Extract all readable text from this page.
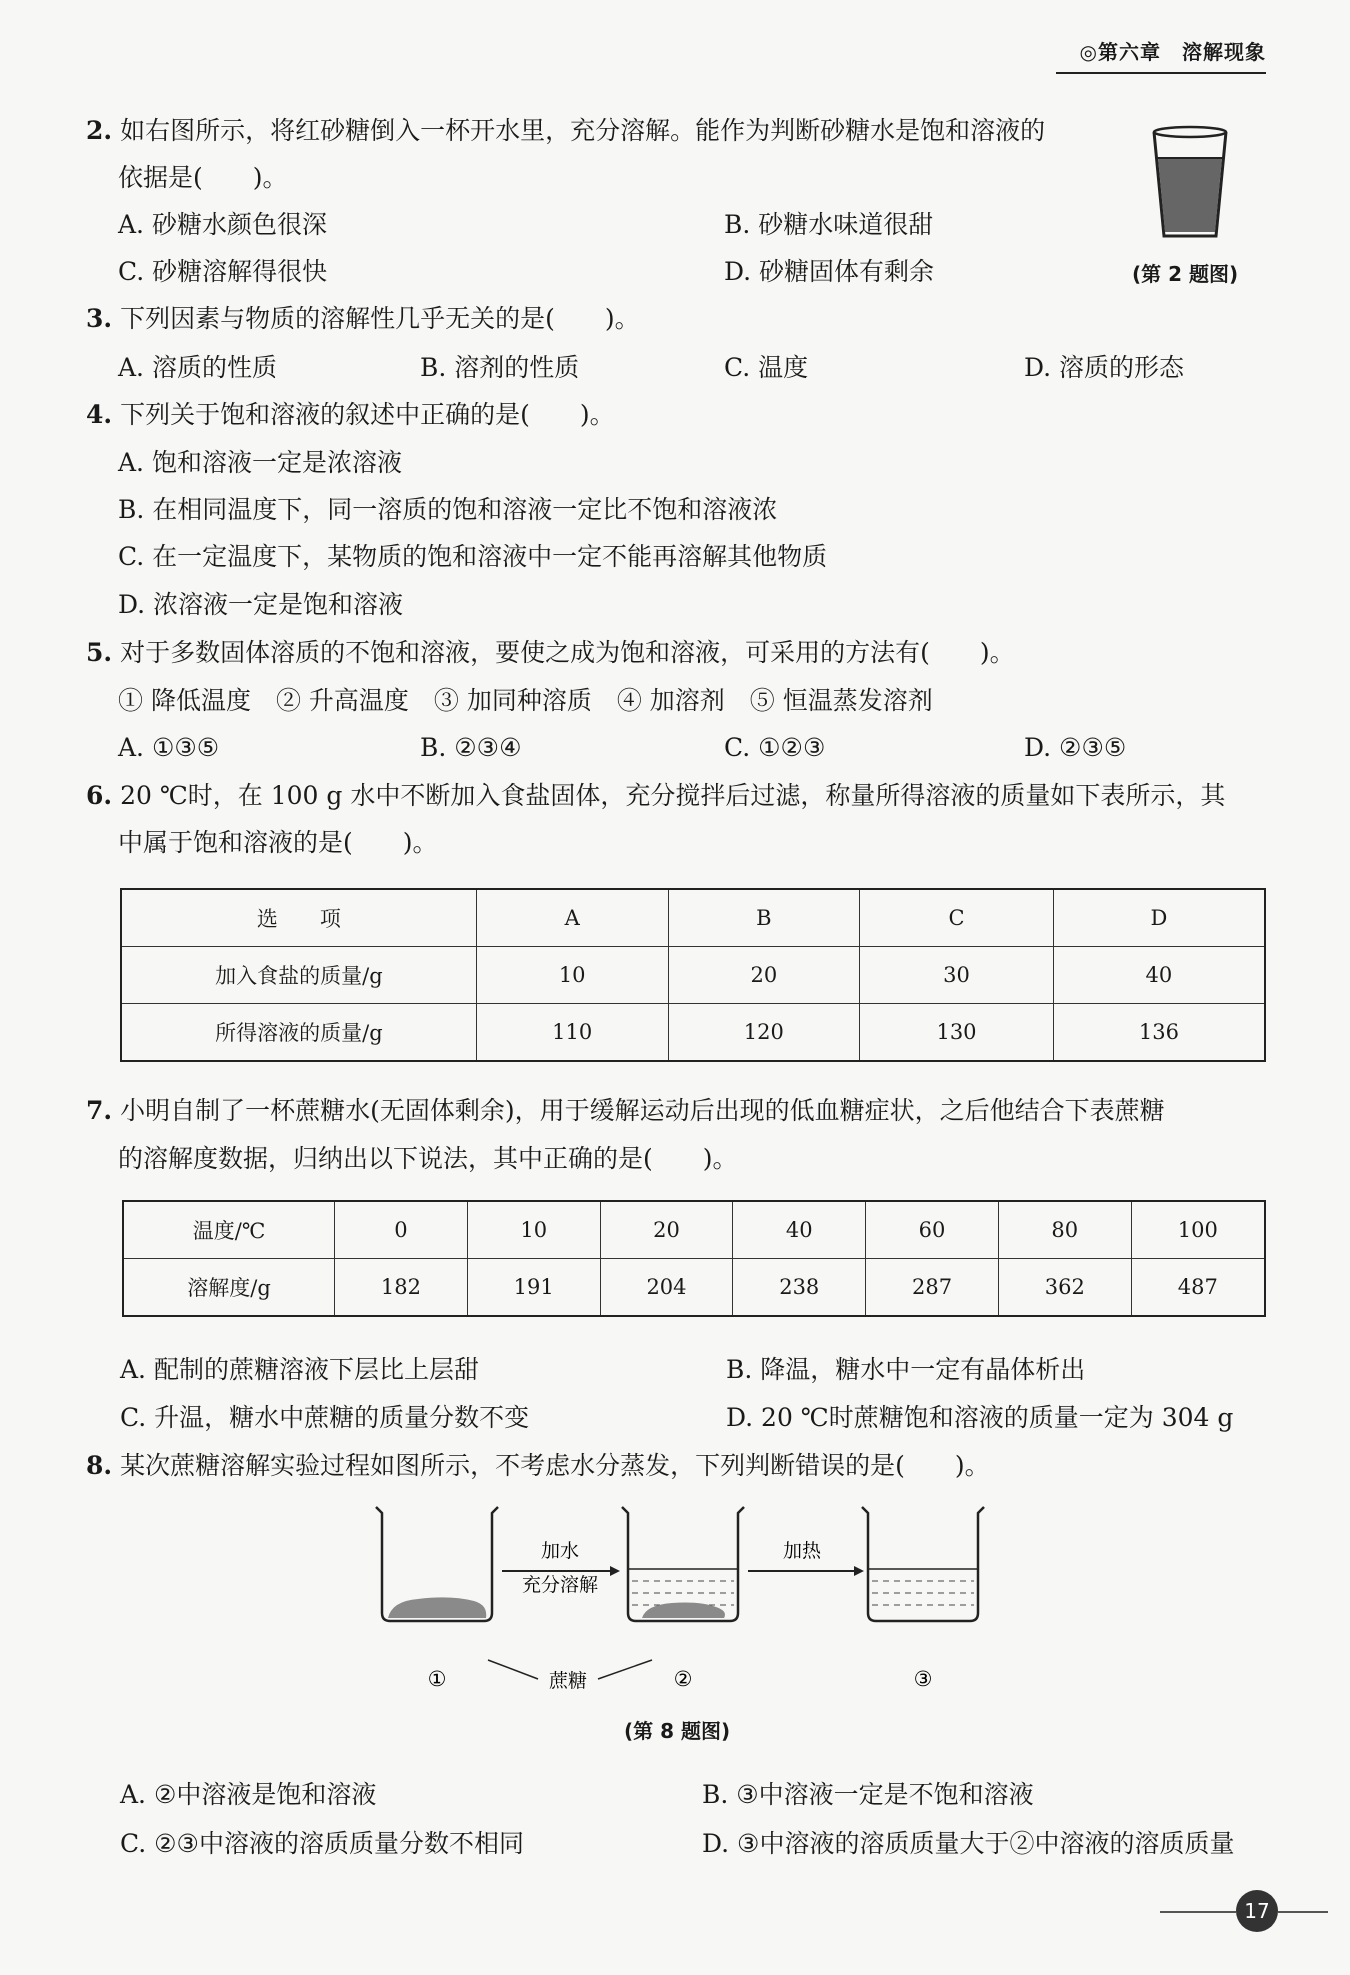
◎第六章　溶解现象
2. 如右图所示，将红砂糖倒入一杯开水里，充分溶解。能作为判断砂糖水是饱和溶液的
依据是(　　)。
A. 砂糖水颜色很深	B. 砂糖水味道很甜
C. 砂糖溶解得很快	D. 砂糖固体有剩余	(第 2 题图)
3. 下列因素与物质的溶解性几乎无关的是(　　)。
A. 溶质的性质	B. 溶剂的性质	C. 温度	D. 溶质的形态
4. 下列关于饱和溶液的叙述中正确的是(　　)。
A. 饱和溶液一定是浓溶液
B. 在相同温度下，同一溶质的饱和溶液一定比不饱和溶液浓
C. 在一定温度下，某物质的饱和溶液中一定不能再溶解其他物质
D. 浓溶液一定是饱和溶液
5. 对于多数固体溶质的不饱和溶液，要使之成为饱和溶液，可采用的方法有(　　)。
① 降低温度　② 升高温度　③ 加同种溶质　④ 加溶剂　⑤ 恒温蒸发溶剂
A. ①③⑤	B. ②③④	C. ①②③	D. ②③⑤
6. 20 ℃时，在 100 g 水中不断加入食盐固体，充分搅拌后过滤，称量所得溶液的质量如下表所示，其
中属于饱和溶液的是(　　)。
选　　项	A	B	C	D
加入食盐的质量/g	10	20	30	40
所得溶液的质量/g	110	120	130	136
7. 小明自制了一杯蔗糖水(无固体剩余)，用于缓解运动后出现的低血糖症状，之后他结合下表蔗糖
的溶解度数据，归纳出以下说法，其中正确的是(　　)。
温度/℃	0	10	20	40	60	80	100
溶解度/g	182	191	204	238	287	362	487
A. 配制的蔗糖溶液下层比上层甜	B. 降温，糖水中一定有晶体析出
C. 升温，糖水中蔗糖的质量分数不变	D. 20 ℃时蔗糖饱和溶液的质量一定为 304 g
8. 某次蔗糖溶解实验过程如图所示，不考虑水分蒸发，下列判断错误的是(　　)。
加水
充分溶解
加热
①	②	③
蔗糖
(第 8 题图)
A. ②中溶液是饱和溶液	B. ③中溶液一定是不饱和溶液
C. ②③中溶液的溶质质量分数不相同	D. ③中溶液的溶质质量大于②中溶液的溶质质量
17
